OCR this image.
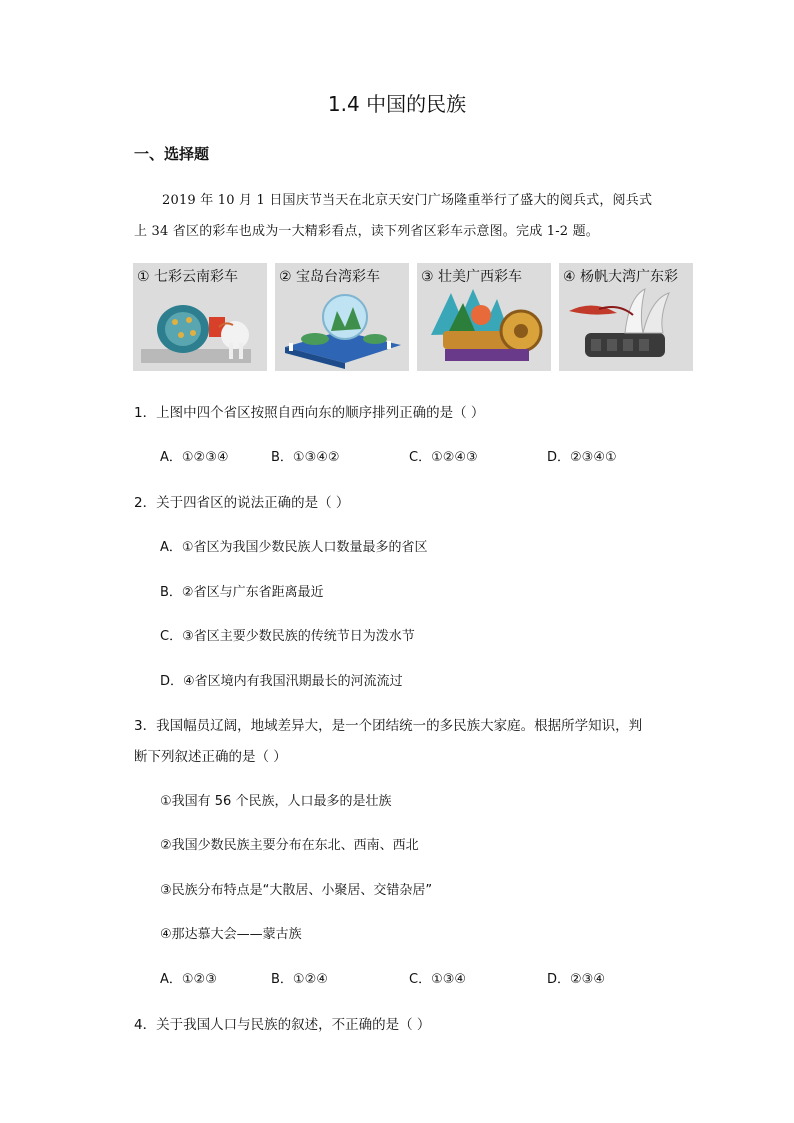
1.4 中国的民族
一、选择题
2019 年 10 月 1 日国庆节当天在北京天安门广场隆重举行了盛大的阅兵式，阅兵式
上 34 省区的彩车也成为一大精彩看点，读下列省区彩车示意图。完成 1-2 题。
① 七彩云南彩车	② 宝岛台湾彩车	③ 壮美广西彩车	④ 杨帆大湾广东彩
1．上图中四个省区按照自西向东的顺序排列正确的是（ ）
A．①②③④	B．①③④②	C．①②④③	D．②③④①
2．关于四省区的说法正确的是（ ）
A．①省区为我国少数民族人口数量最多的省区
B．②省区与广东省距离最近
C．③省区主要少数民族的传统节日为泼水节
D．④省区境内有我国汛期最长的河流流过
3．我国幅员辽阔，地域差异大，是一个团结统一的多民族大家庭。根据所学知识，判
断下列叙述正确的是（ ）
①我国有 56 个民族，人口最多的是壮族
②我国少数民族主要分布在东北、西南、西北
③民族分布特点是“大散居、小聚居、交错杂居”
④那达慕大会——蒙古族
A．①②③	B．①②④	C．①③④	D．②③④
4．关于我国人口与民族的叙述，不正确的是（ ）
